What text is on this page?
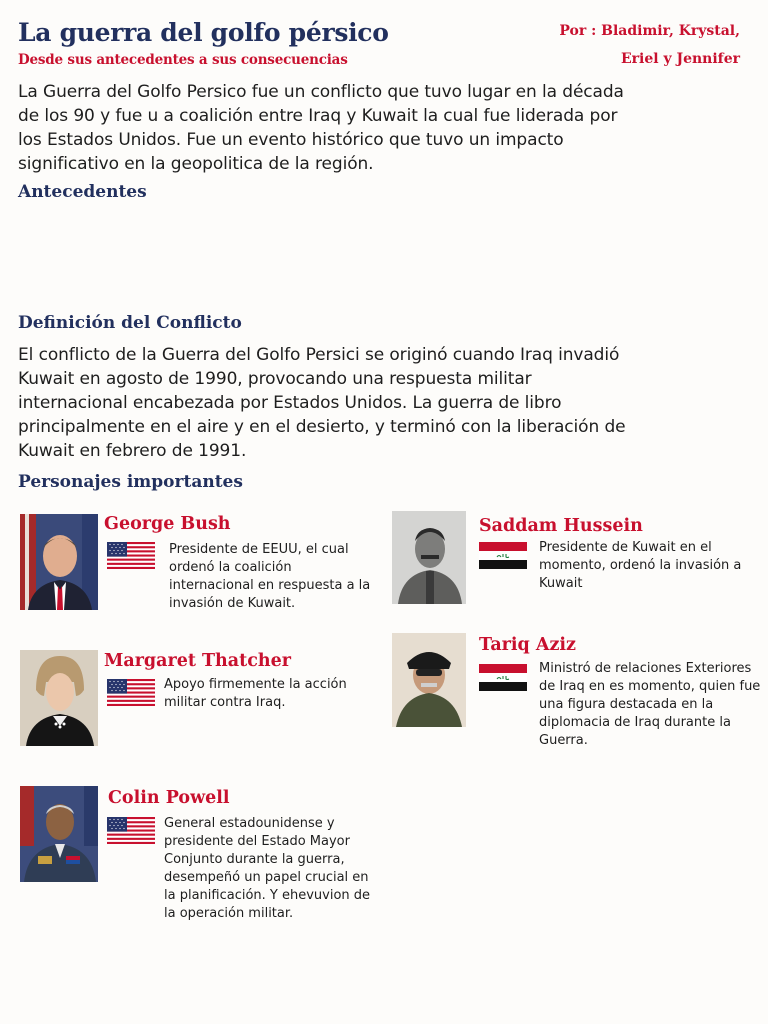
La guerra del golfo pérsico
Desde sus antecedentes a sus consecuencias
Por : Bladimir, Krystal,
Eriel y Jennifer
La Guerra del Golfo Persico fue un conflicto que tuvo lugar en la década de los 90 y fue u a coalición entre Iraq y Kuwait la cual fue liderada por los Estados Unidos. Fue un evento histórico que tuvo un impacto significativo en la geopolitica de la región.
Antecedentes
Definición del Conflicto
El conflicto de la Guerra del Golfo Persici se originó cuando Iraq invadió Kuwait en agosto de 1990, provocando una respuesta militar internacional encabezada por Estados Unidos. La guerra de libro principalmente en el aire y en el desierto, y terminó con la liberación de Kuwait en febrero de 1991.
Personajes importantes
George Bush
Presidente de EEUU, el cual ordenó la coalición internacional en respuesta a la invasión de Kuwait.
Saddam Hussein
Presidente de Kuwait en el momento, ordenó la invasión a Kuwait
Margaret Thatcher
Apoyo firmemente la acción militar contra Iraq.
Tariq Aziz
Ministró de relaciones Exteriores de Iraq en es momento, quien fue una figura destacada en la diplomacia de Iraq durante la Guerra.
Colin Powell
General estadounidense y presidente del Estado Mayor Conjunto durante la guerra, desempeñó un papel crucial en la planificación. Y ehevuvion de la operación militar.
